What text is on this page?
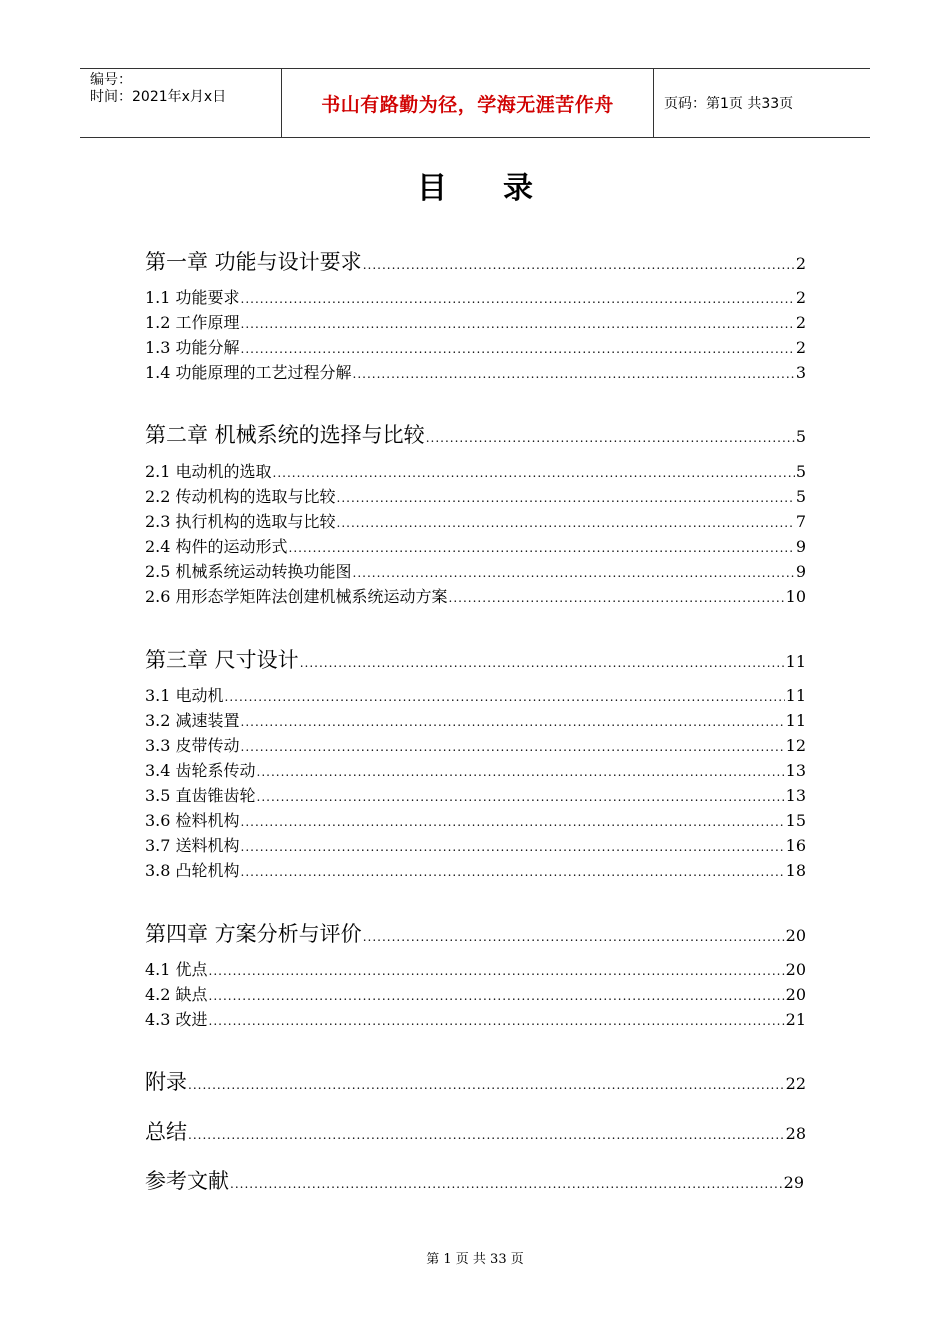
编号：
时间：2021年x月x日	书山有路勤为径，学海无涯苦作舟	页码：第1页 共33页
目 录
第一章 功能与设计要求 .....	2
1.1 功能要求 .....	2
1.2 工作原理 .....	2
1.3 功能分解 .....	2
1.4 功能原理的工艺过程分解 .....	3
第二章 机械系统的选择与比较 .....	5
2.1 电动机的选取 .....	5
2.2 传动机构的选取与比较 .....	5
2.3 执行机构的选取与比较 .....	7
2.4 构件的运动形式 .....	9
2.5 机械系统运动转换功能图 .....	9
2.6 用形态学矩阵法创建机械系统运动方案 .....	10
第三章 尺寸设计 .....	11
3.1 电动机 .....	11
3.2 减速装置 .....	11
3.3 皮带传动 .....	12
3.4 齿轮系传动 .....	13
3.5 直齿锥齿轮 .....	13
3.6 检料机构 .....	15
3.7 送料机构 .....	16
3.8 凸轮机构 .....	18
第四章 方案分析与评价 .....	20
4.1 优点 .....	20
4.2 缺点 .....	20
4.3 改进 .....	21
附录 .....	22
总结 .....	28
参考文献 .....	29
第 1 页 共 33 页
